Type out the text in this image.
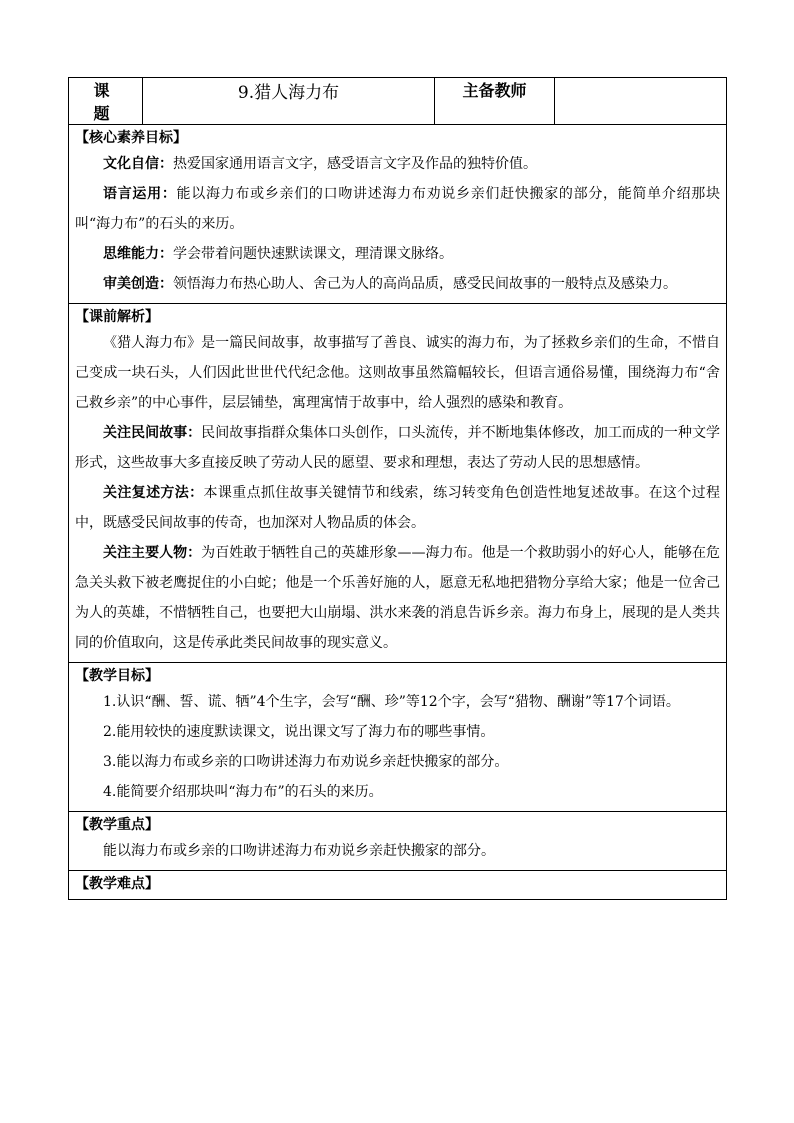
课　题	9.猎人海力布	主备教师	

【核心素养目标】

文化自信：热爱国家通用语言文字，感受语言文字及作品的独特价值。

语言运用：能以海力布或乡亲们的口吻讲述海力布劝说乡亲们赶快搬家的部分，能简单介绍那块叫“海力布”的石头的来历。

思维能力：学会带着问题快速默读课文，理清课文脉络。

审美创造：领悟海力布热心助人、舍己为人的高尚品质，感受民间故事的一般特点及感染力。

【课前解析】

《猎人海力布》是一篇民间故事，故事描写了善良、诚实的海力布，为了拯救乡亲们的生命，不惜自己变成一块石头，人们因此世世代代纪念他。这则故事虽然篇幅较长，但语言通俗易懂，围绕海力布“舍己救乡亲”的中心事件，层层铺垫，寓理寓情于故事中，给人强烈的感染和教育。

关注民间故事：民间故事指群众集体口头创作，口头流传，并不断地集体修改，加工而成的一种文学形式，这些故事大多直接反映了劳动人民的愿望、要求和理想，表达了劳动人民的思想感情。

关注复述方法：本课重点抓住故事关键情节和线索，练习转变角色创造性地复述故事。在这个过程中，既感受民间故事的传奇，也加深对人物品质的体会。

关注主要人物：为百姓敢于牺牲自己的英雄形象——海力布。他是一个救助弱小的好心人，能够在危急关头救下被老鹰捉住的小白蛇；他是一个乐善好施的人，愿意无私地把猎物分享给大家；他是一位舍己为人的英雄，不惜牺牲自己，也要把大山崩塌、洪水来袭的消息告诉乡亲。海力布身上，展现的是人类共同的价值取向，这是传承此类民间故事的现实意义。

【教学目标】

1.认识“酬、誓、谎、牺”4个生字，会写“酬、珍”等12个字，会写“猎物、酬谢”等17个词语。

2.能用较快的速度默读课文，说出课文写了海力布的哪些事情。

3.能以海力布或乡亲的口吻讲述海力布劝说乡亲赶快搬家的部分。

4.能简要介绍那块叫“海力布”的石头的来历。

【教学重点】

能以海力布或乡亲的口吻讲述海力布劝说乡亲赶快搬家的部分。

【教学难点】
